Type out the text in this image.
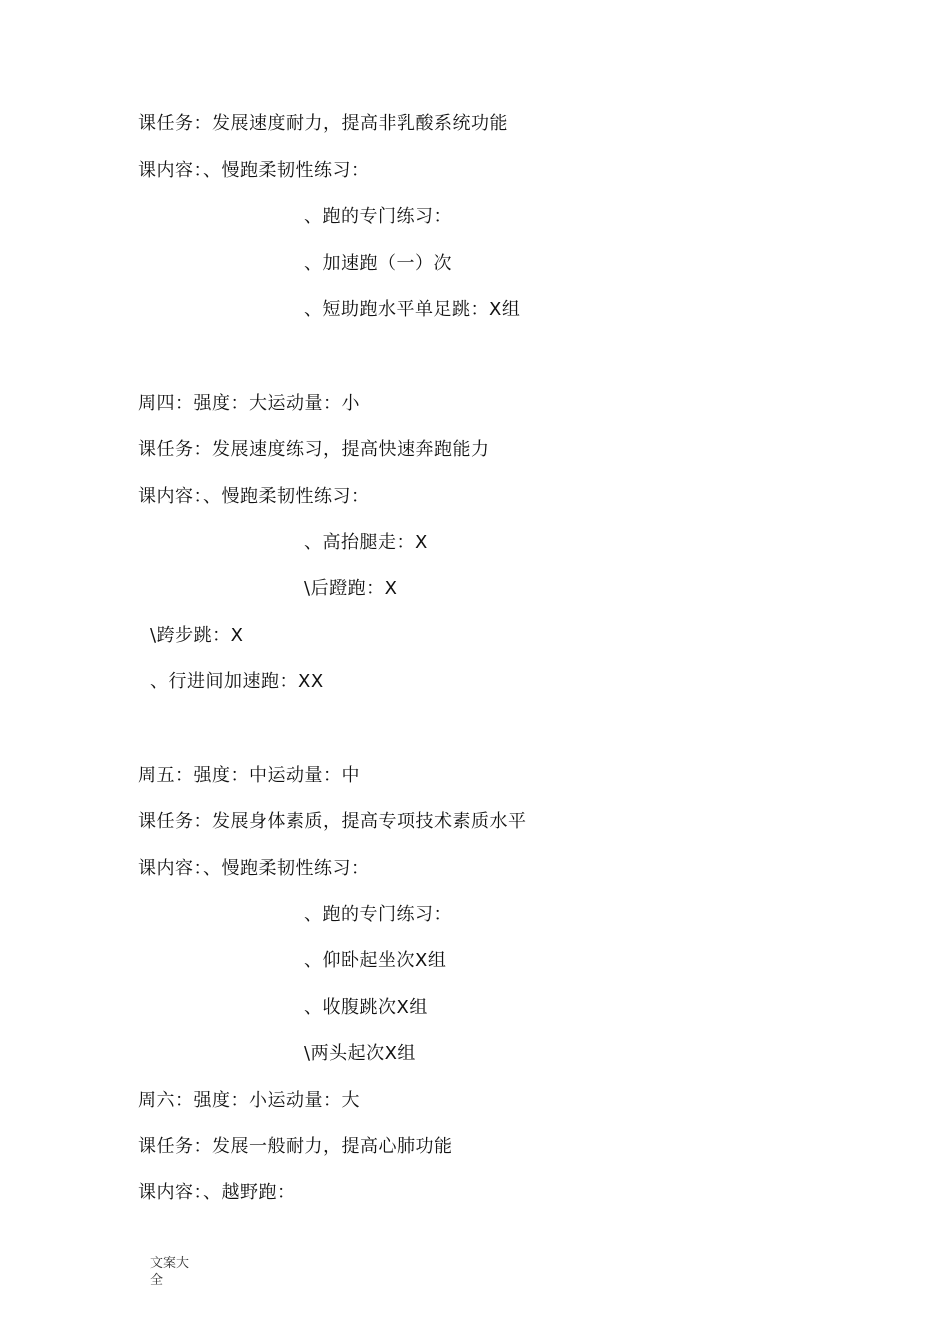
课任务：发展速度耐力，提高非乳酸系统功能
课内容：、慢跑柔韧性练习：
、跑的专门练习：
、加速跑（一）次
、短助跑水平单足跳：X组
周四：强度：大运动量：小
课任务：发展速度练习，提高快速奔跑能力
课内容：、慢跑柔韧性练习：
、高抬腿走：X
\后蹬跑：X
\跨步跳：X
、行进间加速跑：XX
周五：强度：中运动量：中
课任务：发展身体素质，提高专项技术素质水平
课内容：、慢跑柔韧性练习：
、跑的专门练习：
、仰卧起坐次X组
、收腹跳次X组
\两头起次X组
周六：强度：小运动量：大
课任务：发展一般耐力，提高心肺功能
课内容：、越野跑：
文案大
全
